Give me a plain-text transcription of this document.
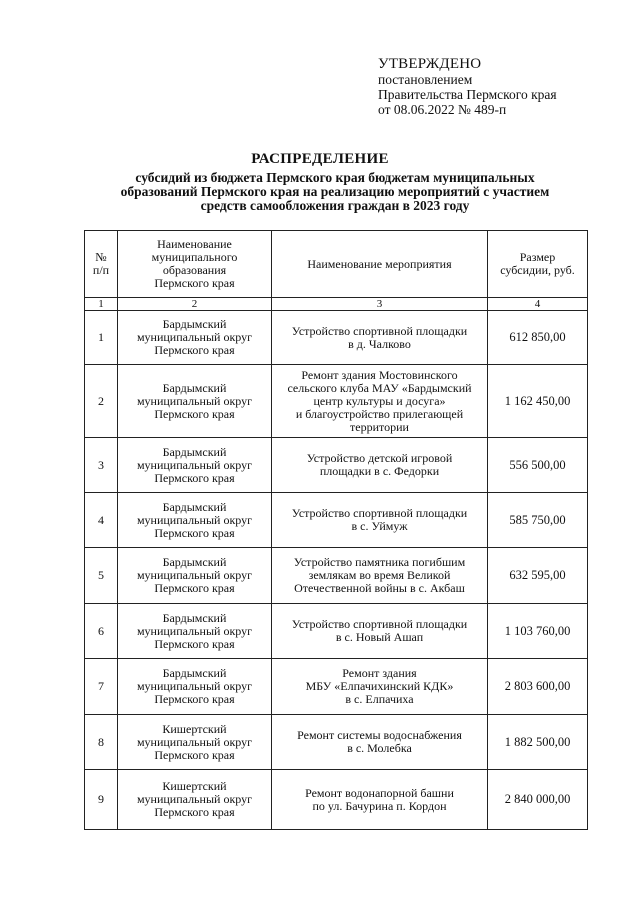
УТВЕРЖДЕНО
постановлением
Правительства Пермского края
от 08.06.2022 № 489-п
РАСПРЕДЕЛЕНИЕ
субсидий из бюджета Пермского края бюджетам муниципальных
образований Пермского края на реализацию мероприятий с участием
средств самообложения граждан в 2023 году
№
п/п	Наименование
муниципального
образования
Пермского края	Наименование мероприятия	Размер
субсидии, руб.
1	2	3	4
1	Бардымский
муниципальный округ
Пермского края	Устройство спортивной площадки
в д. Чалково	612 850,00
2	Бардымский
муниципальный округ
Пермского края	Ремонт здания Мостовинского
сельского клуба МАУ «Бардымский
центр культуры и досуга»
и благоустройство прилегающей
территории	1 162 450,00
3	Бардымский
муниципальный округ
Пермского края	Устройство детской игровой
площадки в с. Федорки	556 500,00
4	Бардымский
муниципальный округ
Пермского края	Устройство спортивной площадки
в с. Уймуж	585 750,00
5	Бардымский
муниципальный округ
Пермского края	Устройство памятника погибшим
землякам во время Великой
Отечественной войны в с. Акбаш	632 595,00
6	Бардымский
муниципальный округ
Пермского края	Устройство спортивной площадки
в с. Новый Ашап	1 103 760,00
7	Бардымский
муниципальный округ
Пермского края	Ремонт здания
МБУ «Елпачихинский КДК»
в с. Елпачиха	2 803 600,00
8	Кишертский
муниципальный округ
Пермского края	Ремонт системы водоснабжения
в с. Молебка	1 882 500,00
9	Кишертский
муниципальный округ
Пермского края	Ремонт водонапорной башни
по ул. Бачурина п. Кордон	2 840 000,00
